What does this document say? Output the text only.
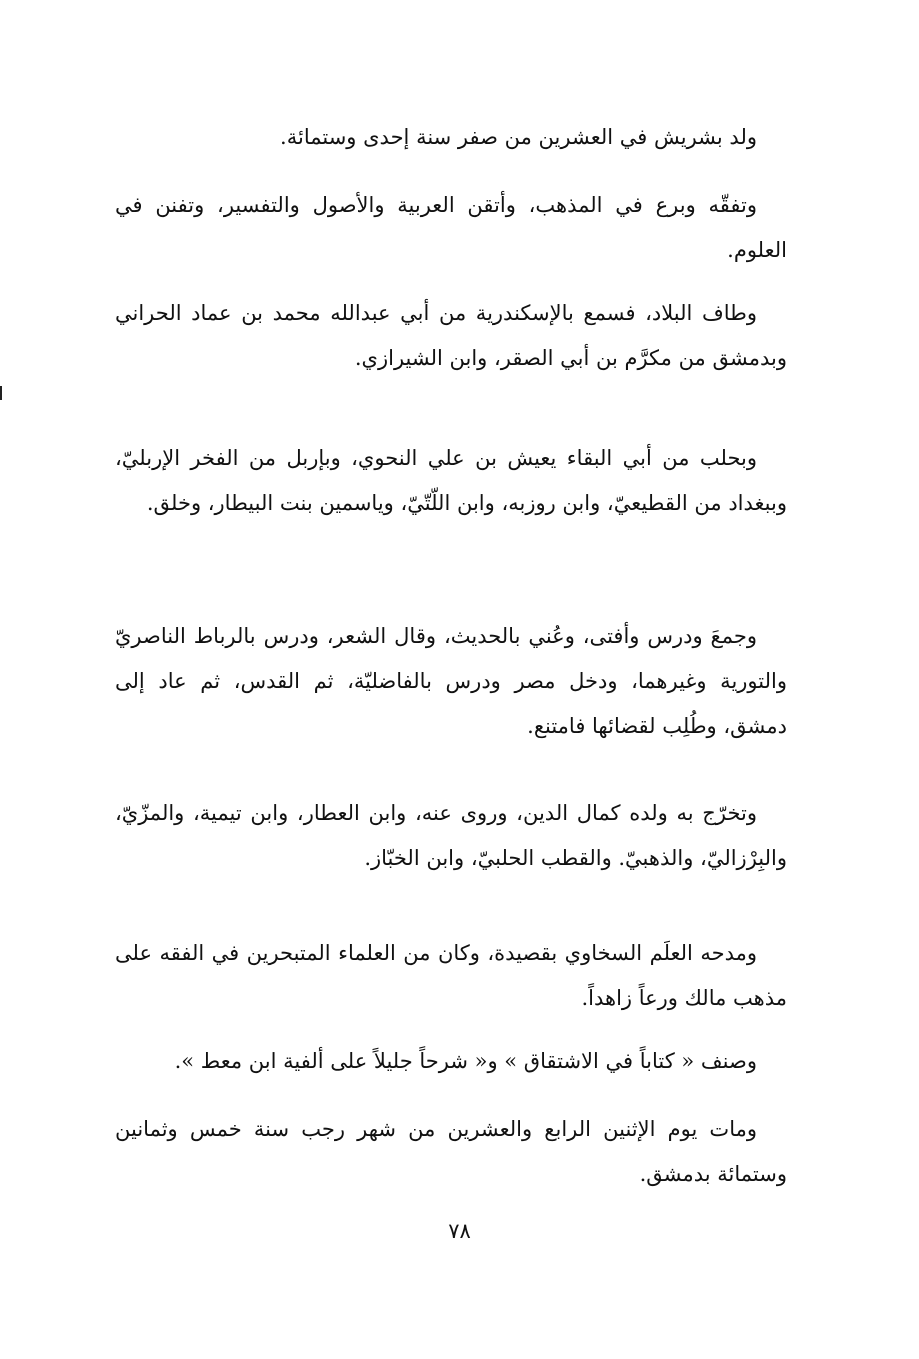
ولد بشريش في العشرين من صفر سنة إحدى وستمائة.

وتفقّه وبرع في المذهب، وأتقن العربية والأصول والتفسير، وتفنن في العلوم.

وطاف البلاد، فسمع بالإسكندرية من أبي عبدالله محمد بن عماد الحراني وبدمشق من مكرَّم بن أبي الصقر، وابن الشيرازي.

وبحلب من أبي البقاء يعيش بن علي النحوي، وبإربل من الفخر الإربليّ، وببغداد من القطيعيّ، وابن روزبه، وابن اللّتّيّ، وياسمين بنت البيطار، وخلق.

وجمعَ ودرس وأفتى، وعُني بالحديث، وقال الشعر، ودرس بالرباط الناصريّ والتورية وغيرهما، ودخل مصر ودرس بالفاضليّة، ثم القدس، ثم عاد إلى دمشق، وطُلِب لقضائها فامتنع.

وتخرّج به ولده كمال الدين، وروى عنه، وابن العطار، وابن تيمية، والمزّيّ، والبِرْزاليّ، والذهبيّ. والقطب الحلبيّ، وابن الخبّاز.

ومدحه العلَم السخاوي بقصيدة، وكان من العلماء المتبحرين في الفقه على مذهب مالك ورعاً زاهداً.

وصنف « كتاباً في الاشتقاق » و« شرحاً جليلاً على ألفية ابن معط ».

ومات يوم الإثنين الرابع والعشرين من شهر رجب سنة خمس وثمانين وستمائة بدمشق.

٧٨
